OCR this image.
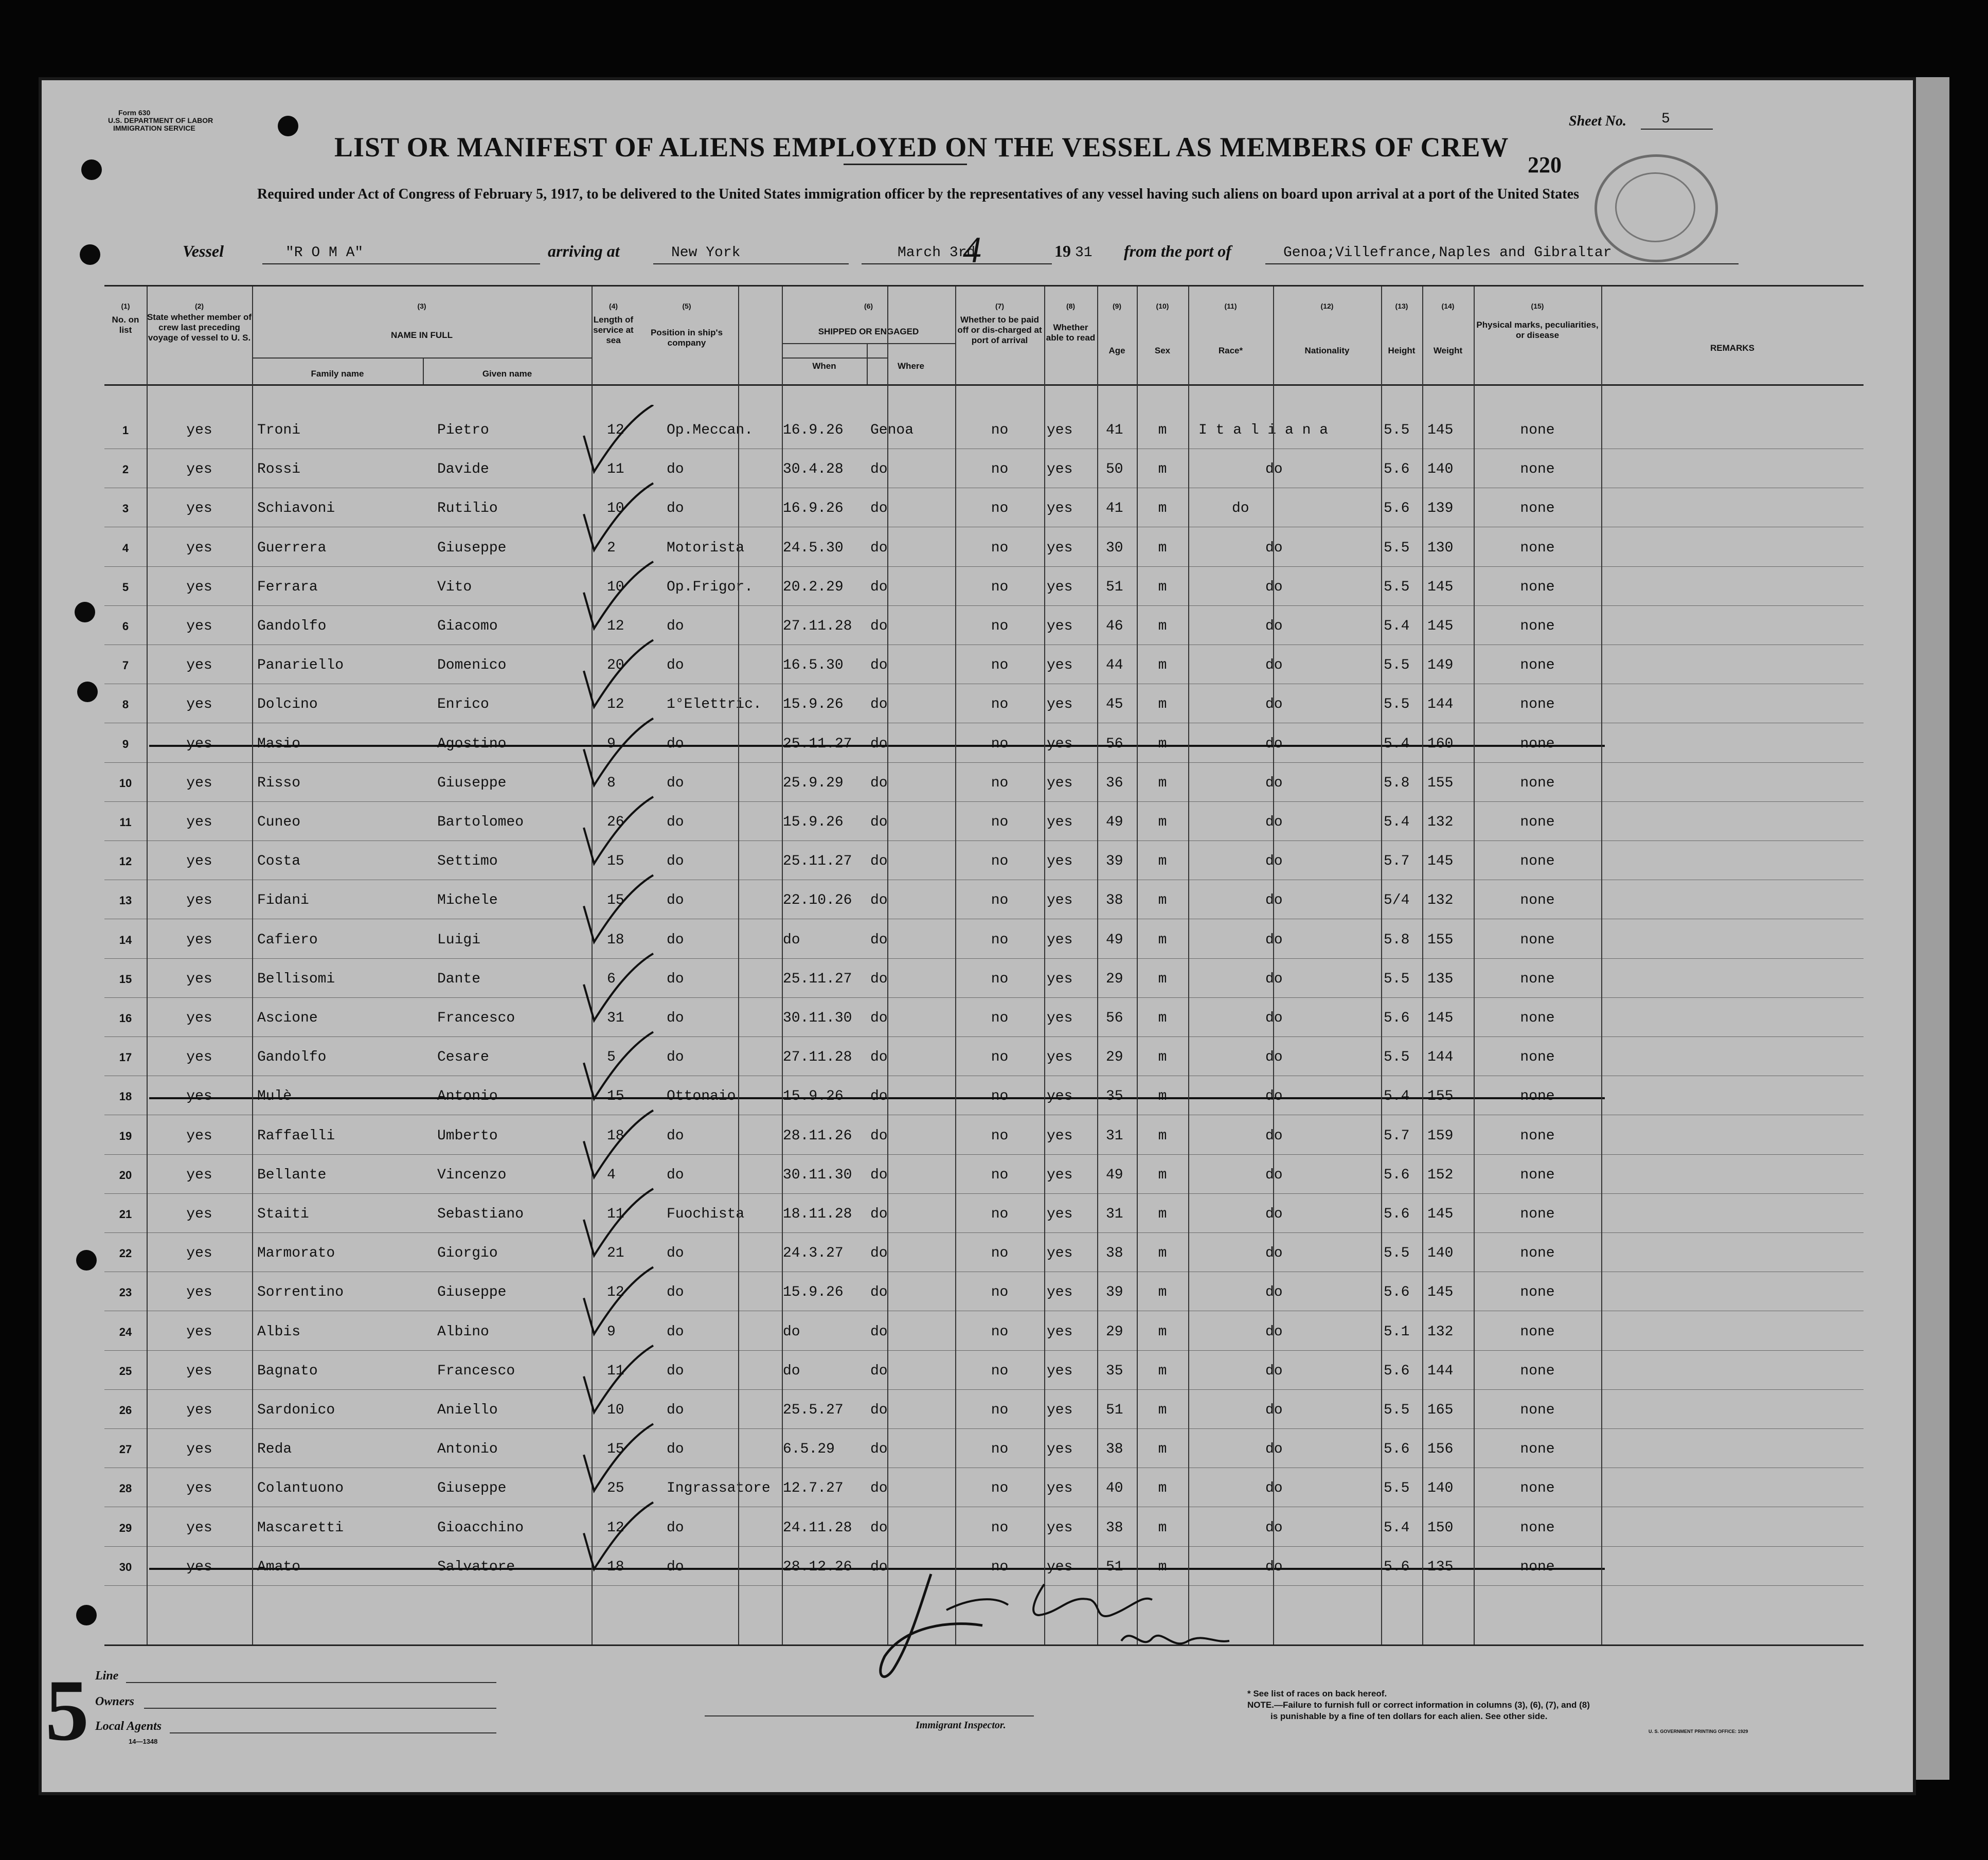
Form 630
U.S. DEPARTMENT OF LABOR
IMMIGRATION SERVICE	Sheet No. 5
LIST OR MANIFEST OF ALIENS EMPLOYED ON THE VESSEL AS MEMBERS OF CREW
220
Required under Act of Congress of February 5, 1917, to be delivered to the United States immigration officer by the representatives of any vessel having such aliens on board upon arrival at a port of the United States
Vessel	"R O M A"	arriving at	New York	March 3rd
4	19 31 from the port of	Genoa;Villefrance,Naples and Gibraltar
(1)	(2)	(3)	(4)	(5)	(6)	(7)	(8)	(9)	(10)	(11)	(12)	(13)	(14)	(15)
No. on list
State whether member of crew last preceding voyage of vessel to U. S.	NAME IN FULL
Family name	Given name
Length of service at sea
Position in ship's company
SHIPPED OR ENGAGED
When	Where
Whether to be paid off or dis-charged at port of arrival
Whether able to read
Age	Sex	Race*	Nationality	Height	Weight
Physical marks, peculiarities, or disease
REMARKS
1	yes	Troni	Pietro	12	Op.Meccan.	16.9.26	Genoa	no	yes	41	m	I t a l i a n a	5.5	145	none
2	yes	Rossi	Davide	11	do	30.4.28	do	no	yes	50	m	do	5.6	140	none
3	yes	Schiavoni	Rutilio	10	do	16.9.26	do	no	yes	41	m	do	5.6	139	none
4	yes	Guerrera	Giuseppe	2	Motorista	24.5.30	do	no	yes	30	m	do	5.5	130	none
5	yes	Ferrara	Vito	10	Op.Frigor.	20.2.29	do	no	yes	51	m	do	5.5	145	none
6	yes	Gandolfo	Giacomo	12	do	27.11.28	do	no	yes	46	m	do	5.4	145	none
7	yes	Panariello	Domenico	20	do	16.5.30	do	no	yes	44	m	do	5.5	149	none
8	yes	Dolcino	Enrico	12	1°Elettric.	15.9.26	do	no	yes	45	m	do	5.5	144	none
9	yes	Masio	Agostino	9	do	25.11.27	do	no	yes	56	m	do	5.4	160	none
10	yes	Risso	Giuseppe	8	do	25.9.29	do	no	yes	36	m	do	5.8	155	none
11	yes	Cuneo	Bartolomeo	26	do	15.9.26	do	no	yes	49	m	do	5.4	132	none
12	yes	Costa	Settimo	15	do	25.11.27	do	no	yes	39	m	do	5.7	145	none
13	yes	Fidani	Michele	15	do	22.10.26	do	no	yes	38	m	do	5/4	132	none
14	yes	Cafiero	Luigi	18	do	do	do	no	yes	49	m	do	5.8	155	none
15	yes	Bellisomi	Dante	6	do	25.11.27	do	no	yes	29	m	do	5.5	135	none
16	yes	Ascione	Francesco	31	do	30.11.30	do	no	yes	56	m	do	5.6	145	none
17	yes	Gandolfo	Cesare	5	do	27.11.28	do	no	yes	29	m	do	5.5	144	none
18	yes	Mulè	Antonio	15	Ottonaio	15.9.26	do	no	yes	35	m	do	5.4	155	none
19	yes	Raffaelli	Umberto	18	do	28.11.26	do	no	yes	31	m	do	5.7	159	none
20	yes	Bellante	Vincenzo	4	do	30.11.30	do	no	yes	49	m	do	5.6	152	none
21	yes	Staiti	Sebastiano	11	Fuochista	18.11.28	do	no	yes	31	m	do	5.6	145	none
22	yes	Marmorato	Giorgio	21	do	24.3.27	do	no	yes	38	m	do	5.5	140	none
23	yes	Sorrentino	Giuseppe	12	do	15.9.26	do	no	yes	39	m	do	5.6	145	none
24	yes	Albis	Albino	9	do	do	do	no	yes	29	m	do	5.1	132	none
25	yes	Bagnato	Francesco	11	do	do	do	no	yes	35	m	do	5.6	144	none
26	yes	Sardonico	Aniello	10	do	25.5.27	do	no	yes	51	m	do	5.5	165	none
27	yes	Reda	Antonio	15	do	6.5.29	do	no	yes	38	m	do	5.6	156	none
28	yes	Colantuono	Giuseppe	25	Ingrassatore 12.7.27	do	no	yes	40	m	do	5.5	140	none
29	yes	Mascaretti	Gioacchino	12	do	24.11.28	do	no	yes	38	m	do	5.4	150	none
30	yes	Amato	Salvatore	18	do	28.12.26	do	no	yes	51	m	do	5.6	135	none
5 Line
Owners
Local Agents
14—1348
Immigrant Inspector.
* See list of races on back hereof.
NOTE.—Failure to furnish full or correct information in columns (3), (6), (7), and (8)
is punishable by a fine of ten dollars for each alien. See other side.
U. S. GOVERNMENT PRINTING OFFICE: 1929
